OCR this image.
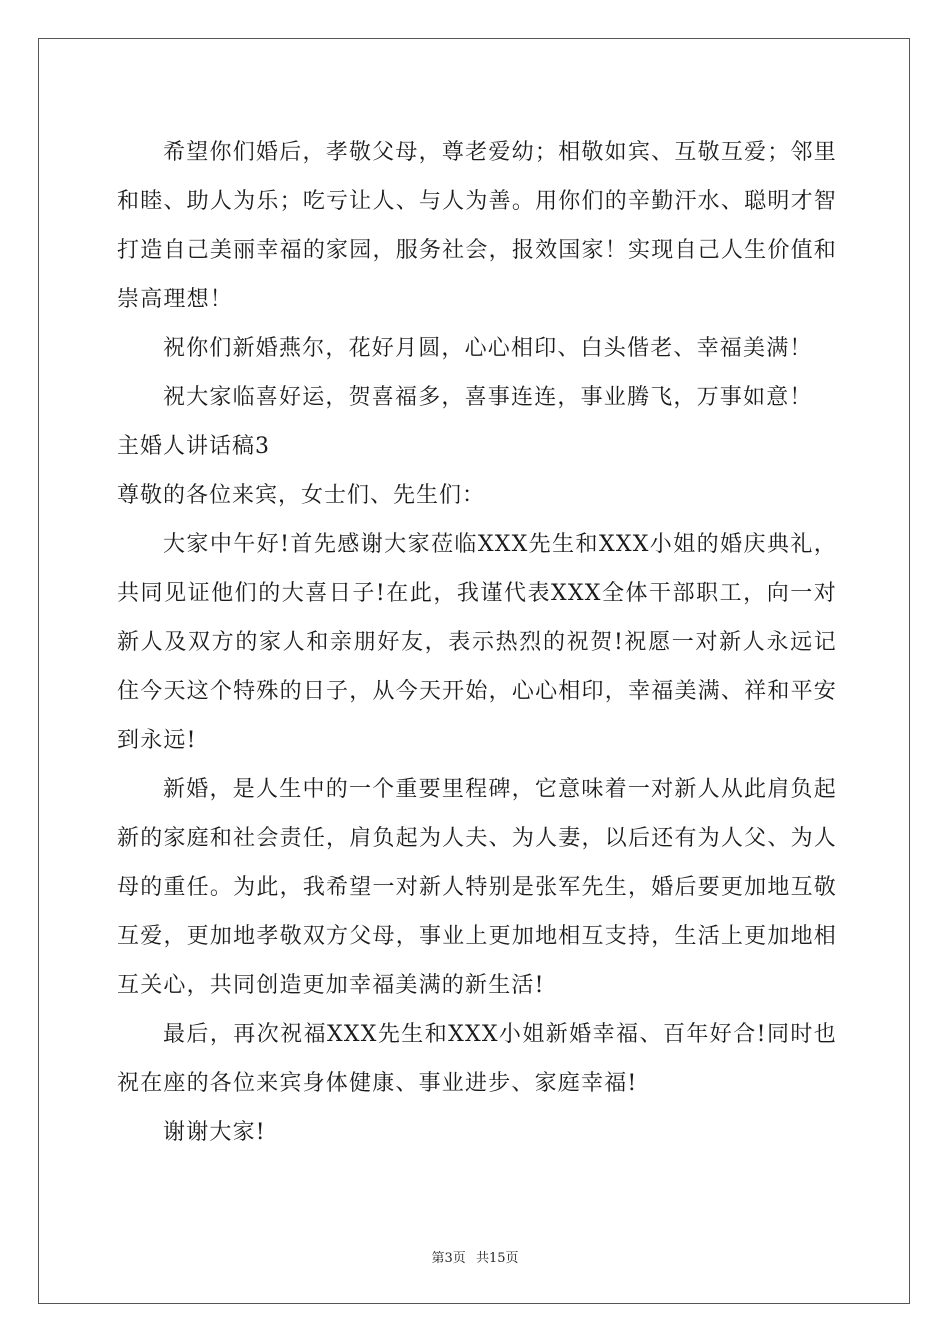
希望你们婚后，孝敬父母，尊老爱幼；相敬如宾、互敬互爱；邻里和睦、助人为乐；吃亏让人、与人为善。用你们的辛勤汗水、聪明才智打造自己美丽幸福的家园，服务社会，报效国家！实现自己人生价值和崇高理想！

祝你们新婚燕尔，花好月圆，心心相印、白头偕老、幸福美满！

祝大家临喜好运，贺喜福多，喜事连连，事业腾飞，万事如意！

主婚人讲话稿3

尊敬的各位来宾，女士们、先生们：

大家中午好!首先感谢大家莅临XXX先生和XXX小姐的婚庆典礼，共同见证他们的大喜日子!在此，我谨代表XXX全体干部职工，向一对新人及双方的家人和亲朋好友，表示热烈的祝贺!祝愿一对新人永远记住今天这个特殊的日子，从今天开始，心心相印，幸福美满、祥和平安到永远!

新婚，是人生中的一个重要里程碑，它意味着一对新人从此肩负起新的家庭和社会责任，肩负起为人夫、为人妻，以后还有为人父、为人母的重任。为此，我希望一对新人特别是张军先生，婚后要更加地互敬互爱，更加地孝敬双方父母，事业上更加地相互支持，生活上更加地相互关心，共同创造更加幸福美满的新生活!

最后，再次祝福XXX先生和XXX小姐新婚幸福、百年好合!同时也祝在座的各位来宾身体健康、事业进步、家庭幸福!

谢谢大家!

第3页 共15页
